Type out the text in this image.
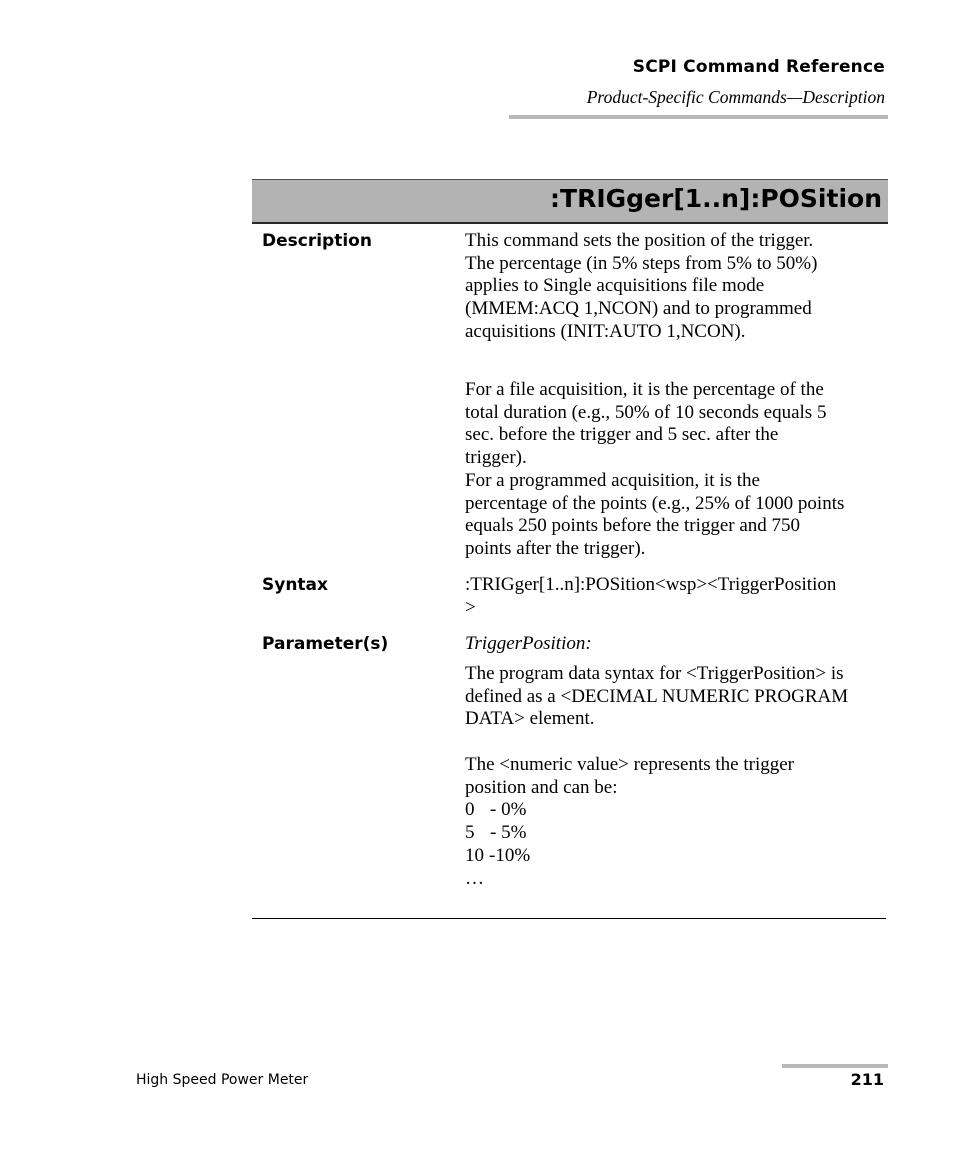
SCPI Command Reference
Product-Specific Commands—Description
:TRIGger[1..n]:POSition
Description	This command sets the position of the trigger.
The percentage (in 5% steps from 5% to 50%)
applies to Single acquisitions file mode
(MMEM:ACQ 1,NCON) and to programmed
acquisitions (INIT:AUTO 1,NCON).
For a file acquisition, it is the percentage of the
total duration (e.g., 50% of 10 seconds equals 5
sec. before the trigger and 5 sec. after the
trigger).
For a programmed acquisition, it is the
percentage of the points (e.g., 25% of 1000 points
equals 250 points before the trigger and 750
points after the trigger).
Syntax	:TRIGger[1..n]:POSition<wsp><TriggerPosition
>
Parameter(s)	TriggerPosition:
The program data syntax for <TriggerPosition> is
defined as a <DECIMAL NUMERIC PROGRAM
DATA> element.
The <numeric value> represents the trigger
position and can be:
0 - 0%
5 - 5%
10 -10%
…
High Speed Power Meter	211
